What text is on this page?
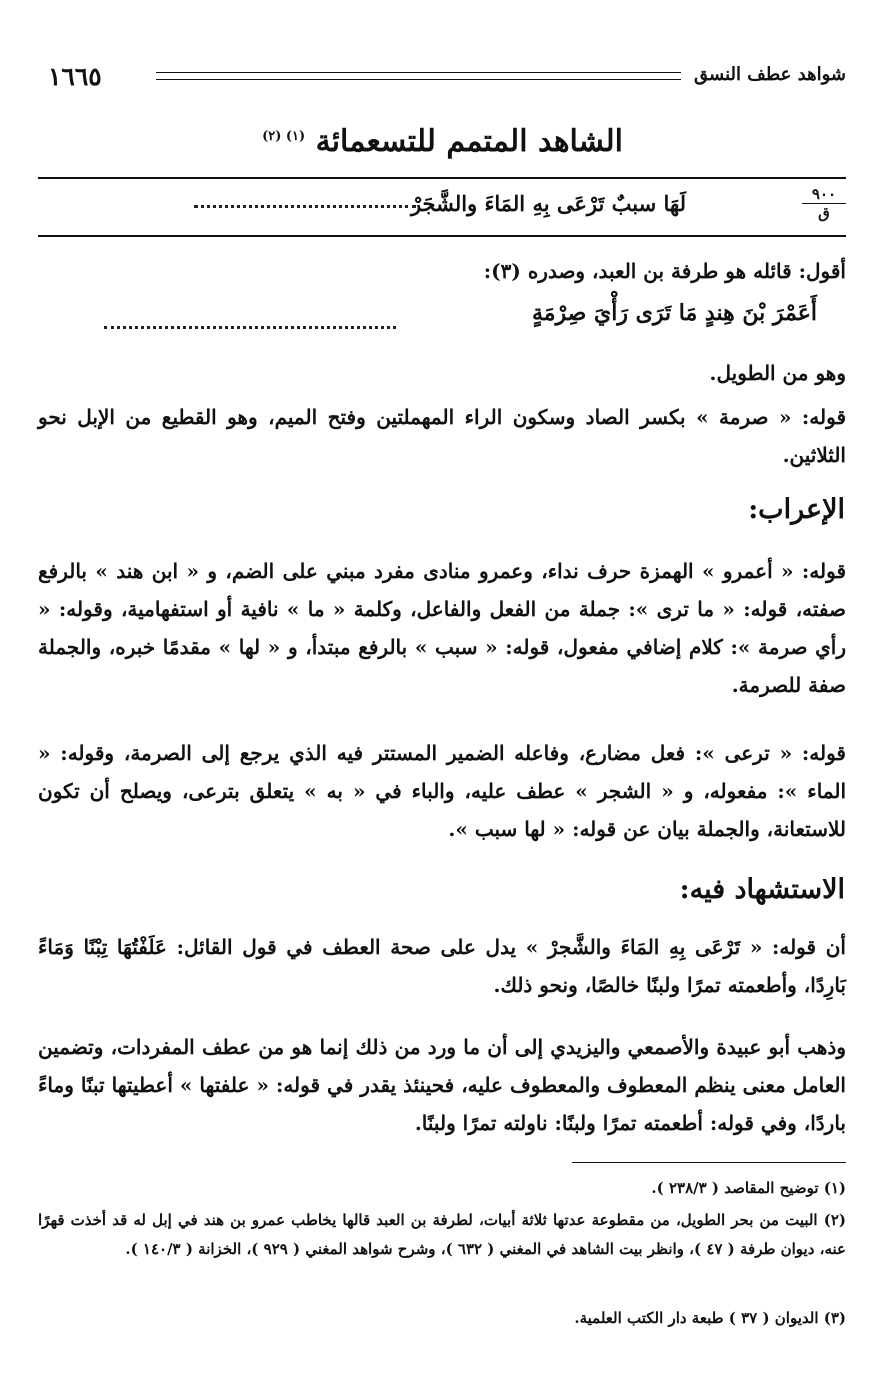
١٦٦٥	شواهد عطف النسق
الشاهد المتمم للتسعمائة $^{(١) (٢)}$
٩٠٠
ق
لَهَا سببٌ تَرْعَى بِهِ المَاءَ والشَّجَرْ
أقول: قائله هو طرفة بن العبد، وصدره (٣):
أَعَمْرَ بْنَ هِندٍ مَا تَرَى رَأْيَ صِرْمَةٍ
وهو من الطويل.
قوله: « صرمة » بكسر الصاد وسكون الراء المهملتين وفتح الميم، وهو القطيع من الإبل نحو الثلاثين.
الإعراب:
قوله: « أعمرو » الهمزة حرف نداء، وعمرو منادى مفرد مبني على الضم، و « ابن هند » بالرفع صفته، قوله: « ما ترى »: جملة من الفعل والفاعل، وكلمة « ما » نافية أو استفهامية، وقوله: « رأي صرمة »: كلام إضافي مفعول، قوله: « سبب » بالرفع مبتدأ، و « لها » مقدمًا خبره، والجملة صفة للصرمة.
قوله: « ترعى »: فعل مضارع، وفاعله الضمير المستتر فيه الذي يرجع إلى الصرمة، وقوله: « الماء »: مفعوله، و « الشجر » عطف عليه، والباء في « به » يتعلق بترعى، ويصلح أن تكون للاستعانة، والجملة بيان عن قوله: « لها سبب ».
الاستشهاد فيه:
أن قوله: « تَرْعَى بِهِ المَاءَ والشَّجرْ » يدل على صحة العطف في قول القائل: عَلَفْتُهَا تِبْنًا وَمَاءً بَارِدًا، وأطعمته تمرًا ولبنًا خالصًا، ونحو ذلك.
وذهب أبو عبيدة والأصمعي واليزيدي إلى أن ما ورد من ذلك إنما هو من عطف المفردات، وتضمين العامل معنى ينظم المعطوف والمعطوف عليه، فحينئذ يقدر في قوله: « علفتها » أعطيتها تبنًا وماءً باردًا، وفي قوله: أطعمته تمرًا ولبنًا: ناولته تمرًا ولبنًا.
(١) توضيح المقاصد ( ٢٣٨/٣ ).
(٢) البيت من بحر الطويل، من مقطوعة عدتها ثلاثة أبيات، لطرفة بن العبد قالها يخاطب عمرو بن هند في إبل له قد أخذت قهرًا عنه، ديوان طرفة ( ٤٧ )، وانظر بيت الشاهد في المغني ( ٦٣٢ )، وشرح شواهد المغني ( ٩٢٩ )، الخزانة ( ١٤٠/٣ ).
(٣) الديوان ( ٣٧ ) طبعة دار الكتب العلمية.
